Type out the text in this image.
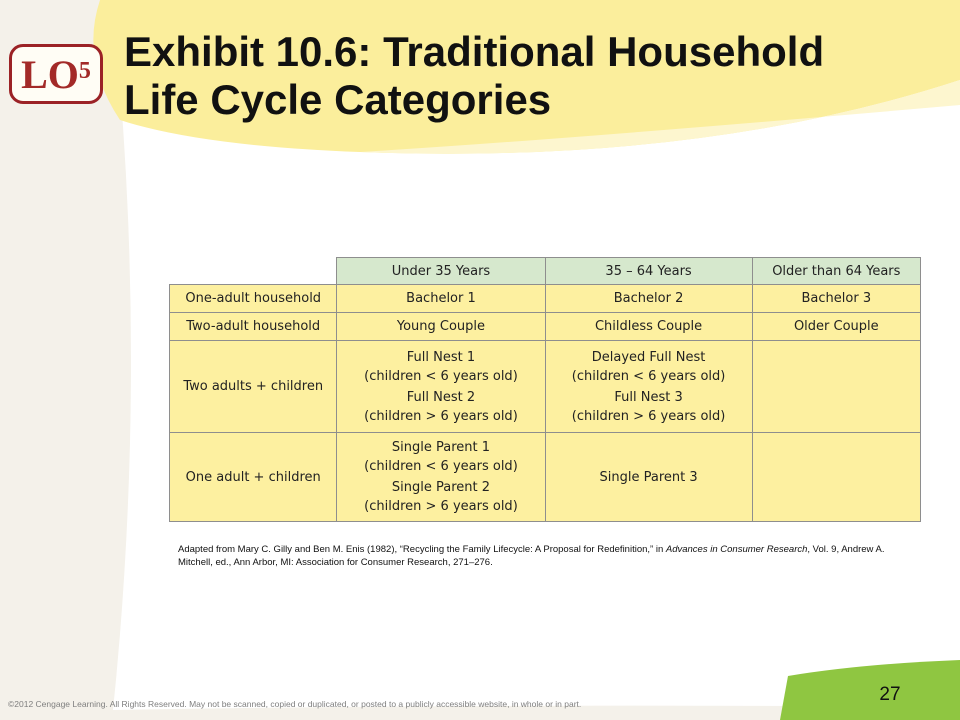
$LO^5$ Exhibit 10.6: Traditional Household
Life Cycle Categories
	Under 35 Years	35 – 64 Years	Older than 64 Years
One-adult household	Bachelor 1	Bachelor 2	Bachelor 3
Two-adult household	Young Couple	Childless Couple	Older Couple
Two adults + children	Full Nest 1
(children < 6 years old)
Full Nest 2
(children > 6 years old)	Delayed Full Nest
(children < 6 years old)
Full Nest 3
(children > 6 years old)	

One adult + children	Single Parent 1
(children < 6 years old)
Single Parent 2
(children > 6 years old)	Single Parent 3	

Adapted from Mary C. Gilly and Ben M. Enis (1982), “Recycling the Family Lifecycle: A Proposal for Redefinition,” in Advances in Consumer Research, Vol. 9, Andrew A. Mitchell, ed., Ann Arbor, MI: Association for Consumer Research, 271–276.

©2012 Cengage Learning. All Rights Reserved. May not be scanned, copied or duplicated, or posted to a publicly accessible website, in whole or in part.	27
